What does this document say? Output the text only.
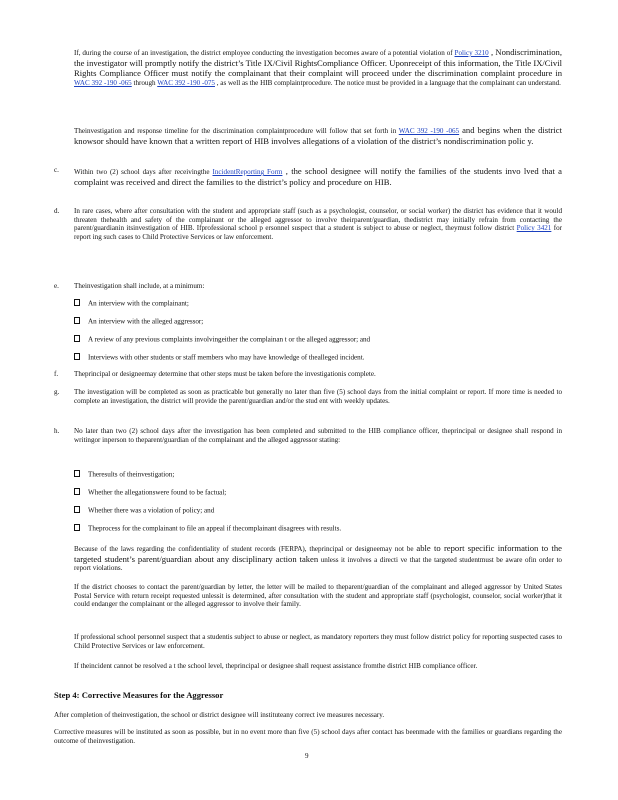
If, during the course of an investigation, the district employee conducting the investigation becomes aware of a potential violation of Policy 3210 , Nondiscrimination, the investigator will promptly notify the district’s Title IX/Civil RightsCompliance Officer. Uponreceipt of this information, the Title IX/Civil Rights Compliance Officer must notify the complainant that their complaint will proceed under the discrimination complaint procedure in WAC 392 -190 -065 through WAC 392 -190 -075 , as well as the HIB complaintprocedure. The notice must be provided in a language that the complainant can understand.

Theinvestigation and response timeline for the discrimination complaintprocedure will follow that set forth in WAC 392 -190 -065 and begins when the district knowsor should have known that a written report of HIB involves allegations of a violation of the district’s nondiscrimination polic y.

c. Within two (2) school days after receivingthe IncidentReporting Form , the school designee will notify the families of the students invo lved that a complaint was received and direct the families to the district’s policy and procedure on HIB.

d. In rare cases, where after consultation with the student and appropriate staff (such as a psychologist, counselor, or social worker) the district has evidence that it would threaten thehealth and safety of the complainant or the alleged aggressor to involve theirparent/guardian, thedistrict may initially refrain from contacting the parent/guardianin itsinvestigation of HIB. Ifprofessional school p ersonnel suspect that a student is subject to abuse or neglect, theymust follow district Policy 3421 for report ing such cases to Child Protective Services or law enforcement.

e. Theinvestigation shall include, at a minimum:
An interview with the complainant;
An interview with the alleged aggressor;
A review of any previous complaints involvingeither the complainan t or the alleged aggressor; and
Interviews with other students or staff members who may have knowledge of thealleged incident.
f. Theprincipal or designeemay determine that other steps must be taken before the investigationis complete.
g. The investigation will be completed as soon as practicable but generally no later than five (5) school days from the initial complaint or report. If more time is needed to complete an investigation, the district will provide the parent/guardian and/or the stud ent with weekly updates.
h. No later than two (2) school days after the investigation has been completed and submitted to the HIB compliance officer, theprincipal or designee shall respond in writingor inperson to theparent/guardian of the complainant and the alleged aggressor stating:
Theresults of theinvestigation;
Whether the allegationswere found to be factual;
Whether there was a violation of policy; and
Theprocess for the complainant to file an appeal if thecomplainant disagrees with results.

Because of the laws regarding the confidentiality of student records (FERPA), theprincipal or designeemay not be able to report specific information to the targeted student’s parent/guardian about any disciplinary action taken unless it involves a directi ve that the targeted studentmust be aware ofin order to report violations.

If the district chooses to contact the parent/guardian by letter, the letter will be mailed to theparent/guardian of the complainant and alleged aggressor by United States Postal Service with return receipt requested unlessit is determined, after consultation with the student and appropriate staff (psychologist, counselor, social worker)that it could endanger the complainant or the alleged aggressor to involve their family.
If professional school personnel suspect that a studentis subject to abuse or neglect, as mandatory reporters they must follow district policy for reporting suspected cases to Child Protective Services or law enforcement.
If theincident cannot be resolved a t the school level, theprincipal or designee shall request assistance fromthe district HIB compliance officer.
Step 4: Corrective Measures for the Aggressor
After completion of theinvestigation, the school or district designee will instituteany correct ive measures necessary.
Corrective measures will be instituted as soon as possible, but in no event more than five (5) school days after contact has beenmade with the families or guardians regarding the outcome of theinvestigation.
9
